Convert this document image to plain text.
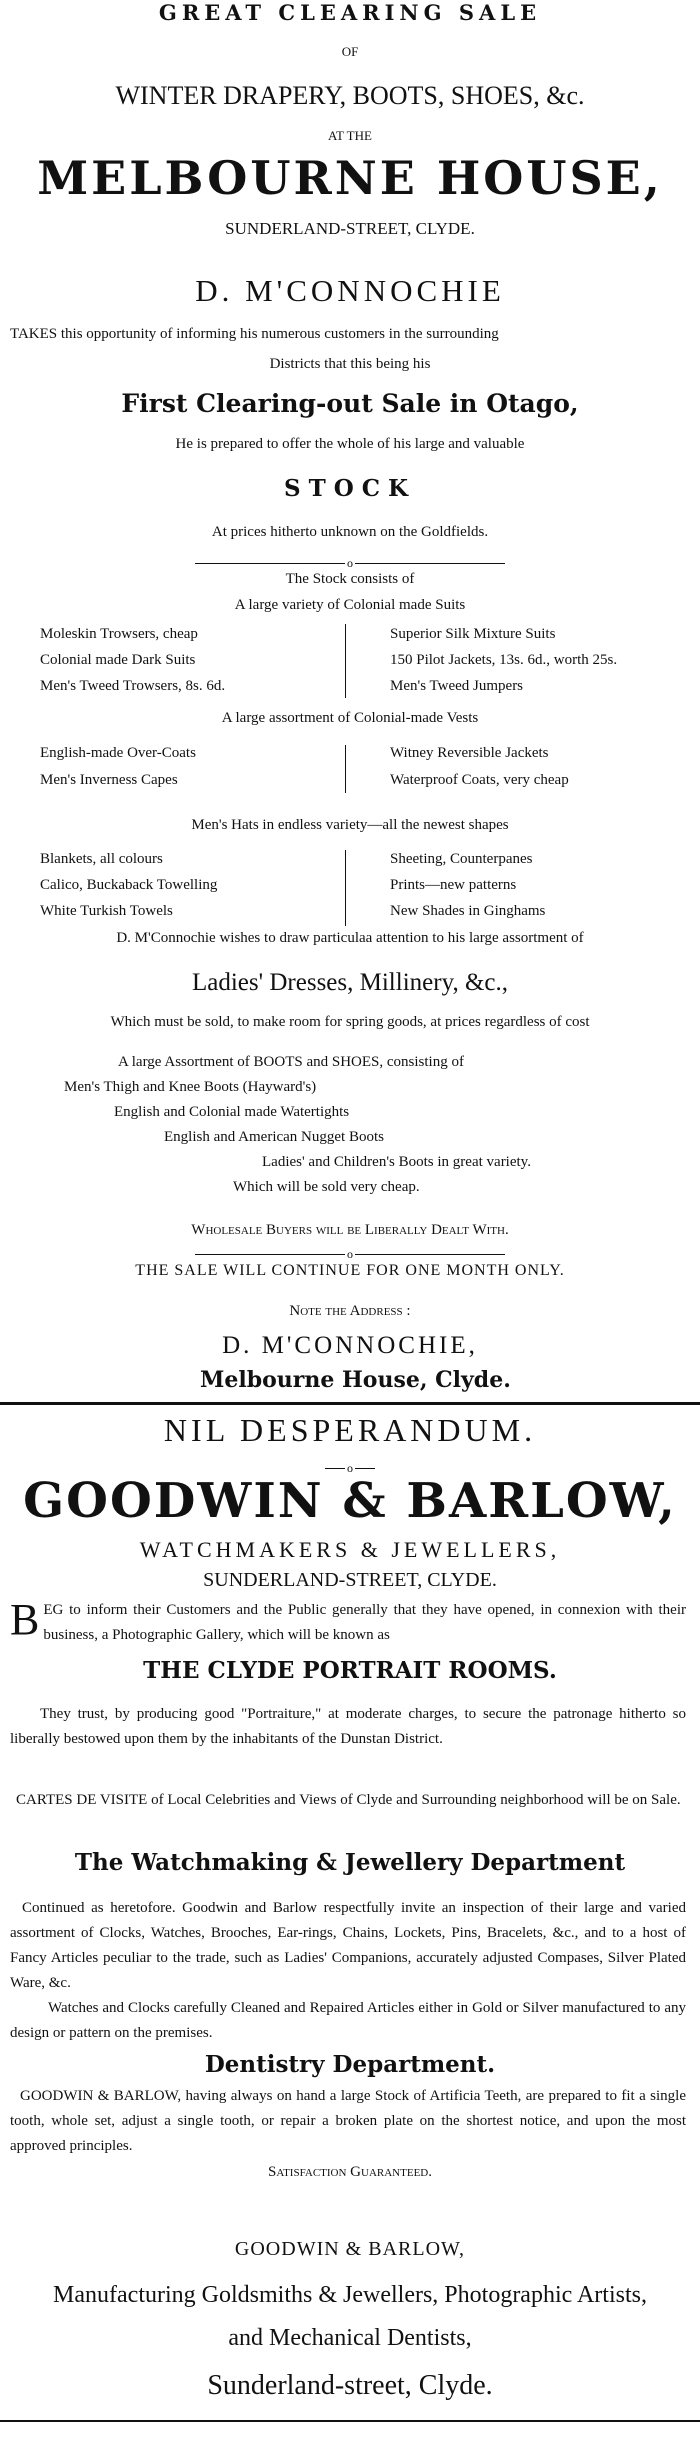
GREAT CLEARING SALE
OF
WINTER DRAPERY, BOOTS, SHOES, &c.
AT THE
MELBOURNE HOUSE,
SUNDERLAND-STREET, CLYDE.
D. M'CONNOCHIE
TAKES this opportunity of informing his numerous customers in the surrounding
Districts that this being his
First Clearing-out Sale in Otago,
He is prepared to offer the whole of his large and valuable
STOCK
At prices hitherto unknown on the Goldfields.
o
The Stock consists of
A large variety of Colonial made Suits
Moleskin Trowsers, cheap
Colonial made Dark Suits
Men's Tweed Trowsers, 8s. 6d.
Superior Silk Mixture Suits
150 Pilot Jackets, 13s. 6d., worth 25s.
Men's Tweed Jumpers
A large assortment of Colonial-made Vests
English-made Over-Coats
Men's Inverness Capes
Witney Reversible Jackets
Waterproof Coats, very cheap
Men's Hats in endless variety—all the newest shapes
Blankets, all colours
Calico, Buckaback Towelling
White Turkish Towels
Sheeting, Counterpanes
Prints—new patterns
New Shades in Ginghams
D. M'Connochie wishes to draw particulaa attention to his large assortment of
Ladies' Dresses, Millinery, &c.,
Which must be sold, to make room for spring goods, at prices regardless of cost
A large Assortment of BOOTS and SHOES, consisting of
Men's Thigh and Knee Boots (Hayward's)
English and Colonial made Watertights
English and American Nugget Boots
Ladies' and Children's Boots in great variety.
Which will be sold very cheap.
Wholesale Buyers will be Liberally Dealt With.
o
THE SALE WILL CONTINUE FOR ONE MONTH ONLY.
Note the Address :
D. M'CONNOCHIE,
Melbourne House, Clyde.
NIL DESPERANDUM.
o
GOODWIN & BARLOW,
WATCHMAKERS & JEWELLERS,
SUNDERLAND-STREET, CLYDE.
BEG to inform their Customers and the Public generally that they have opened, in connexion with their business, a Photographic Gallery, which will be known as
THE CLYDE PORTRAIT ROOMS.
They trust, by producing good "Portraiture," at moderate charges, to secure the patronage hitherto so liberally bestowed upon them by the inhabitants of the Dunstan District.
CARTES DE VISITE of Local Celebrities and Views of Clyde and Surrounding neighborhood will be on Sale.
The Watchmaking & Jewellery Department
Continued as heretofore. Goodwin and Barlow respectfully invite an inspection of their large and varied assortment of Clocks, Watches, Brooches, Ear-rings, Chains, Lockets, Pins, Bracelets, &c., and to a host of Fancy Articles peculiar to the trade, such as Ladies' Companions, accurately adjusted Compases, Silver Plated Ware, &c.
Watches and Clocks carefully Cleaned and Repaired Articles either in Gold or Silver manufactured to any design or pattern on the premises.
Dentistry Department.
GOODWIN & BARLOW, having always on hand a large Stock of Artificia Teeth, are prepared to fit a single tooth, whole set, adjust a single tooth, or repair a broken plate on the shortest notice, and upon the most approved principles.
Satisfaction Guaranteed.
GOODWIN & BARLOW,
Manufacturing Goldsmiths & Jewellers, Photographic Artists,
and Mechanical Dentists,
Sunderland-street, Clyde.
